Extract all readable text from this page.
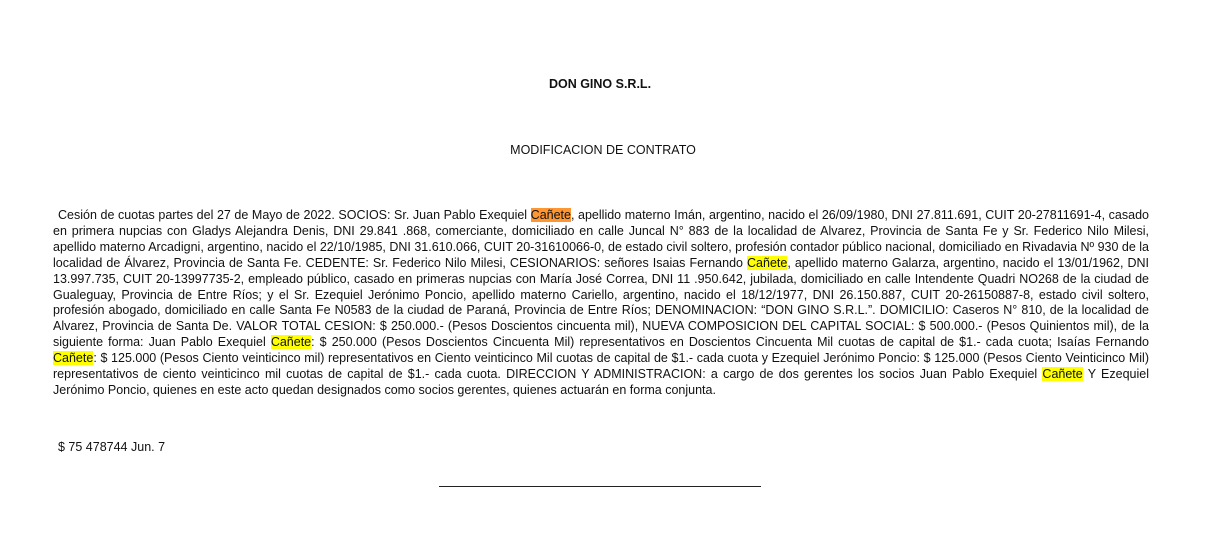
DON GINO S.R.L.
MODIFICACION DE CONTRATO
Cesión de cuotas partes del 27 de Mayo de 2022. SOCIOS: Sr. Juan Pablo Exequiel Cañete, apellido materno Imán, argentino, nacido el 26/09/1980, DNI 27.811.691, CUIT 20-27811691-4, casado en primera nupcias con Gladys Alejandra Denis, DNI 29.841 .868, comerciante, domiciliado en calle Juncal N° 883 de la localidad de Alvarez, Provincia de Santa Fe y Sr. Federico Nilo Milesi, apellido materno Arcadigni, argentino, nacido el 22/10/1985, DNI 31.610.066, CUIT 20-31610066-0, de estado civil soltero, profesión contador público nacional, domiciliado en Rivadavia Nº 930 de la localidad de Álvarez, Provincia de Santa Fe. CEDENTE: Sr. Federico Nilo Milesi, CESIONARIOS: señores Isaias Fernando Cañete, apellido materno Galarza, argentino, nacido el 13/01/1962, DNI 13.997.735, CUIT 20-13997735-2, empleado público, casado en primeras nupcias con María José Correa, DNI 11 .950.642, jubilada, domiciliado en calle Intendente Quadri NO268 de la ciudad de Gualeguay, Provincia de Entre Ríos; y el Sr. Ezequiel Jerónimo Poncio, apellido materno Cariello, argentino, nacido el 18/12/1977, DNI 26.150.887, CUIT 20-26150887-8, estado civil soltero, profesión abogado, domiciliado en calle Santa Fe N0583 de la ciudad de Paraná, Provincia de Entre Ríos; DENOMINACION: “DON GINO S.R.L.”. DOMICILIO: Caseros N° 810, de la localidad de Alvarez, Provincia de Santa De. VALOR TOTAL CESION: $ 250.000.- (Pesos Doscientos cincuenta mil), NUEVA COMPOSICION DEL CAPITAL SOCIAL: $ 500.000.- (Pesos Quinientos mil), de la siguiente forma: Juan Pablo Exequiel Cañete: $ 250.000 (Pesos Doscientos Cincuenta Mil) representativos en Doscientos Cincuenta Mil cuotas de capital de $1.- cada cuota; Isaías Fernando Cañete: $ 125.000 (Pesos Ciento veinticinco mil) representativos en Ciento veinticinco Mil cuotas de capital de $1.- cada cuota y Ezequiel Jerónimo Poncio: $ 125.000 (Pesos Ciento Veinticinco Mil) representativos de ciento veinticinco mil cuotas de capital de $1.- cada cuota. DIRECCION Y ADMINISTRACION: a cargo de dos gerentes los socios Juan Pablo Exequiel Cañete Y Ezequiel Jerónimo Poncio, quienes en este acto quedan designados como socios gerentes, quienes actuarán en forma conjunta.
$ 75 478744 Jun. 7
